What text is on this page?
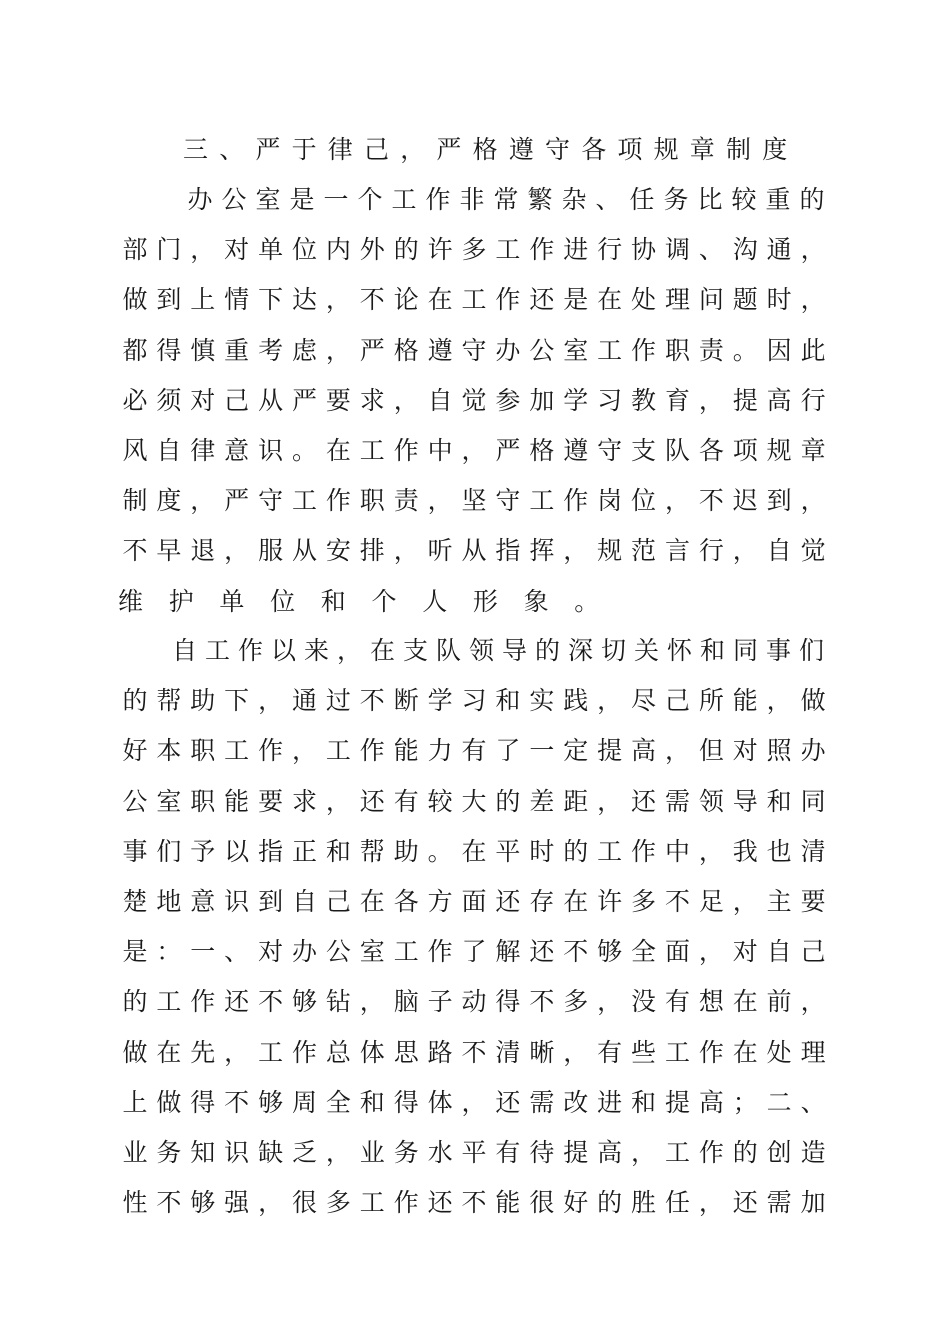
三、严于律己，严格遵守各项规章制度
办 公 室 是 一 个 工 作 非 常 繁 杂 、 任 务 比 较 重 的
部 门 ， 对 单 位 内 外 的 许 多 工 作 进 行 协 调 、 沟 通 ，
做 到 上 情 下 达 ， 不 论 在 工 作 还 是 在 处 理 问 题 时 ，
都 得 慎 重 考 虑 ， 严 格 遵 守 办 公 室 工 作 职 责 。 因 此
必 须 对 己 从 严 要 求 ， 自 觉 参 加 学 习 教 育 ， 提 高 行
风 自 律 意 识 。 在 工 作 中 ， 严 格 遵 守 支 队 各 项 规 章
制 度 ， 严 守 工 作 职 责 ， 坚 守 工 作 岗 位 ， 不 迟 到 ，
不 早 退 ， 服 从 安 排 ， 听 从 指 挥 ， 规 范 言 行 ， 自 觉
维护单位和个人形象。
自 工 作 以 来 ， 在 支 队 领 导 的 深 切 关 怀 和 同 事 们
的 帮 助 下 ， 通 过 不 断 学 习 和 实 践 ， 尽 己 所 能 ， 做
好 本 职 工 作 ， 工 作 能 力 有 了 一 定 提 高 ， 但 对 照 办
公 室 职 能 要 求 ， 还 有 较 大 的 差 距 ， 还 需 领 导 和 同
事 们 予 以 指 正 和 帮 助 。 在 平 时 的 工 作 中 ， 我 也 清
楚 地 意 识 到 自 己 在 各 方 面 还 存 在 许 多 不 足 ， 主 要
是 ： 一 、 对 办 公 室 工 作 了 解 还 不 够 全 面 ， 对 自 己
的 工 作 还 不 够 钻 ， 脑 子 动 得 不 多 ， 没 有 想 在 前 ，
做 在 先 ， 工 作 总 体 思 路 不 清 晰 ， 有 些 工 作 在 处 理
上 做 得 不 够 周 全 和 得 体 ， 还 需 改 进 和 提 高 ； 二 、
业 务 知 识 缺 乏 ， 业 务 水 平 有 待 提 高 ， 工 作 的 创 造
性 不 够 强 ， 很 多 工 作 还 不 能 很 好 的 胜 任 ， 还 需 加
